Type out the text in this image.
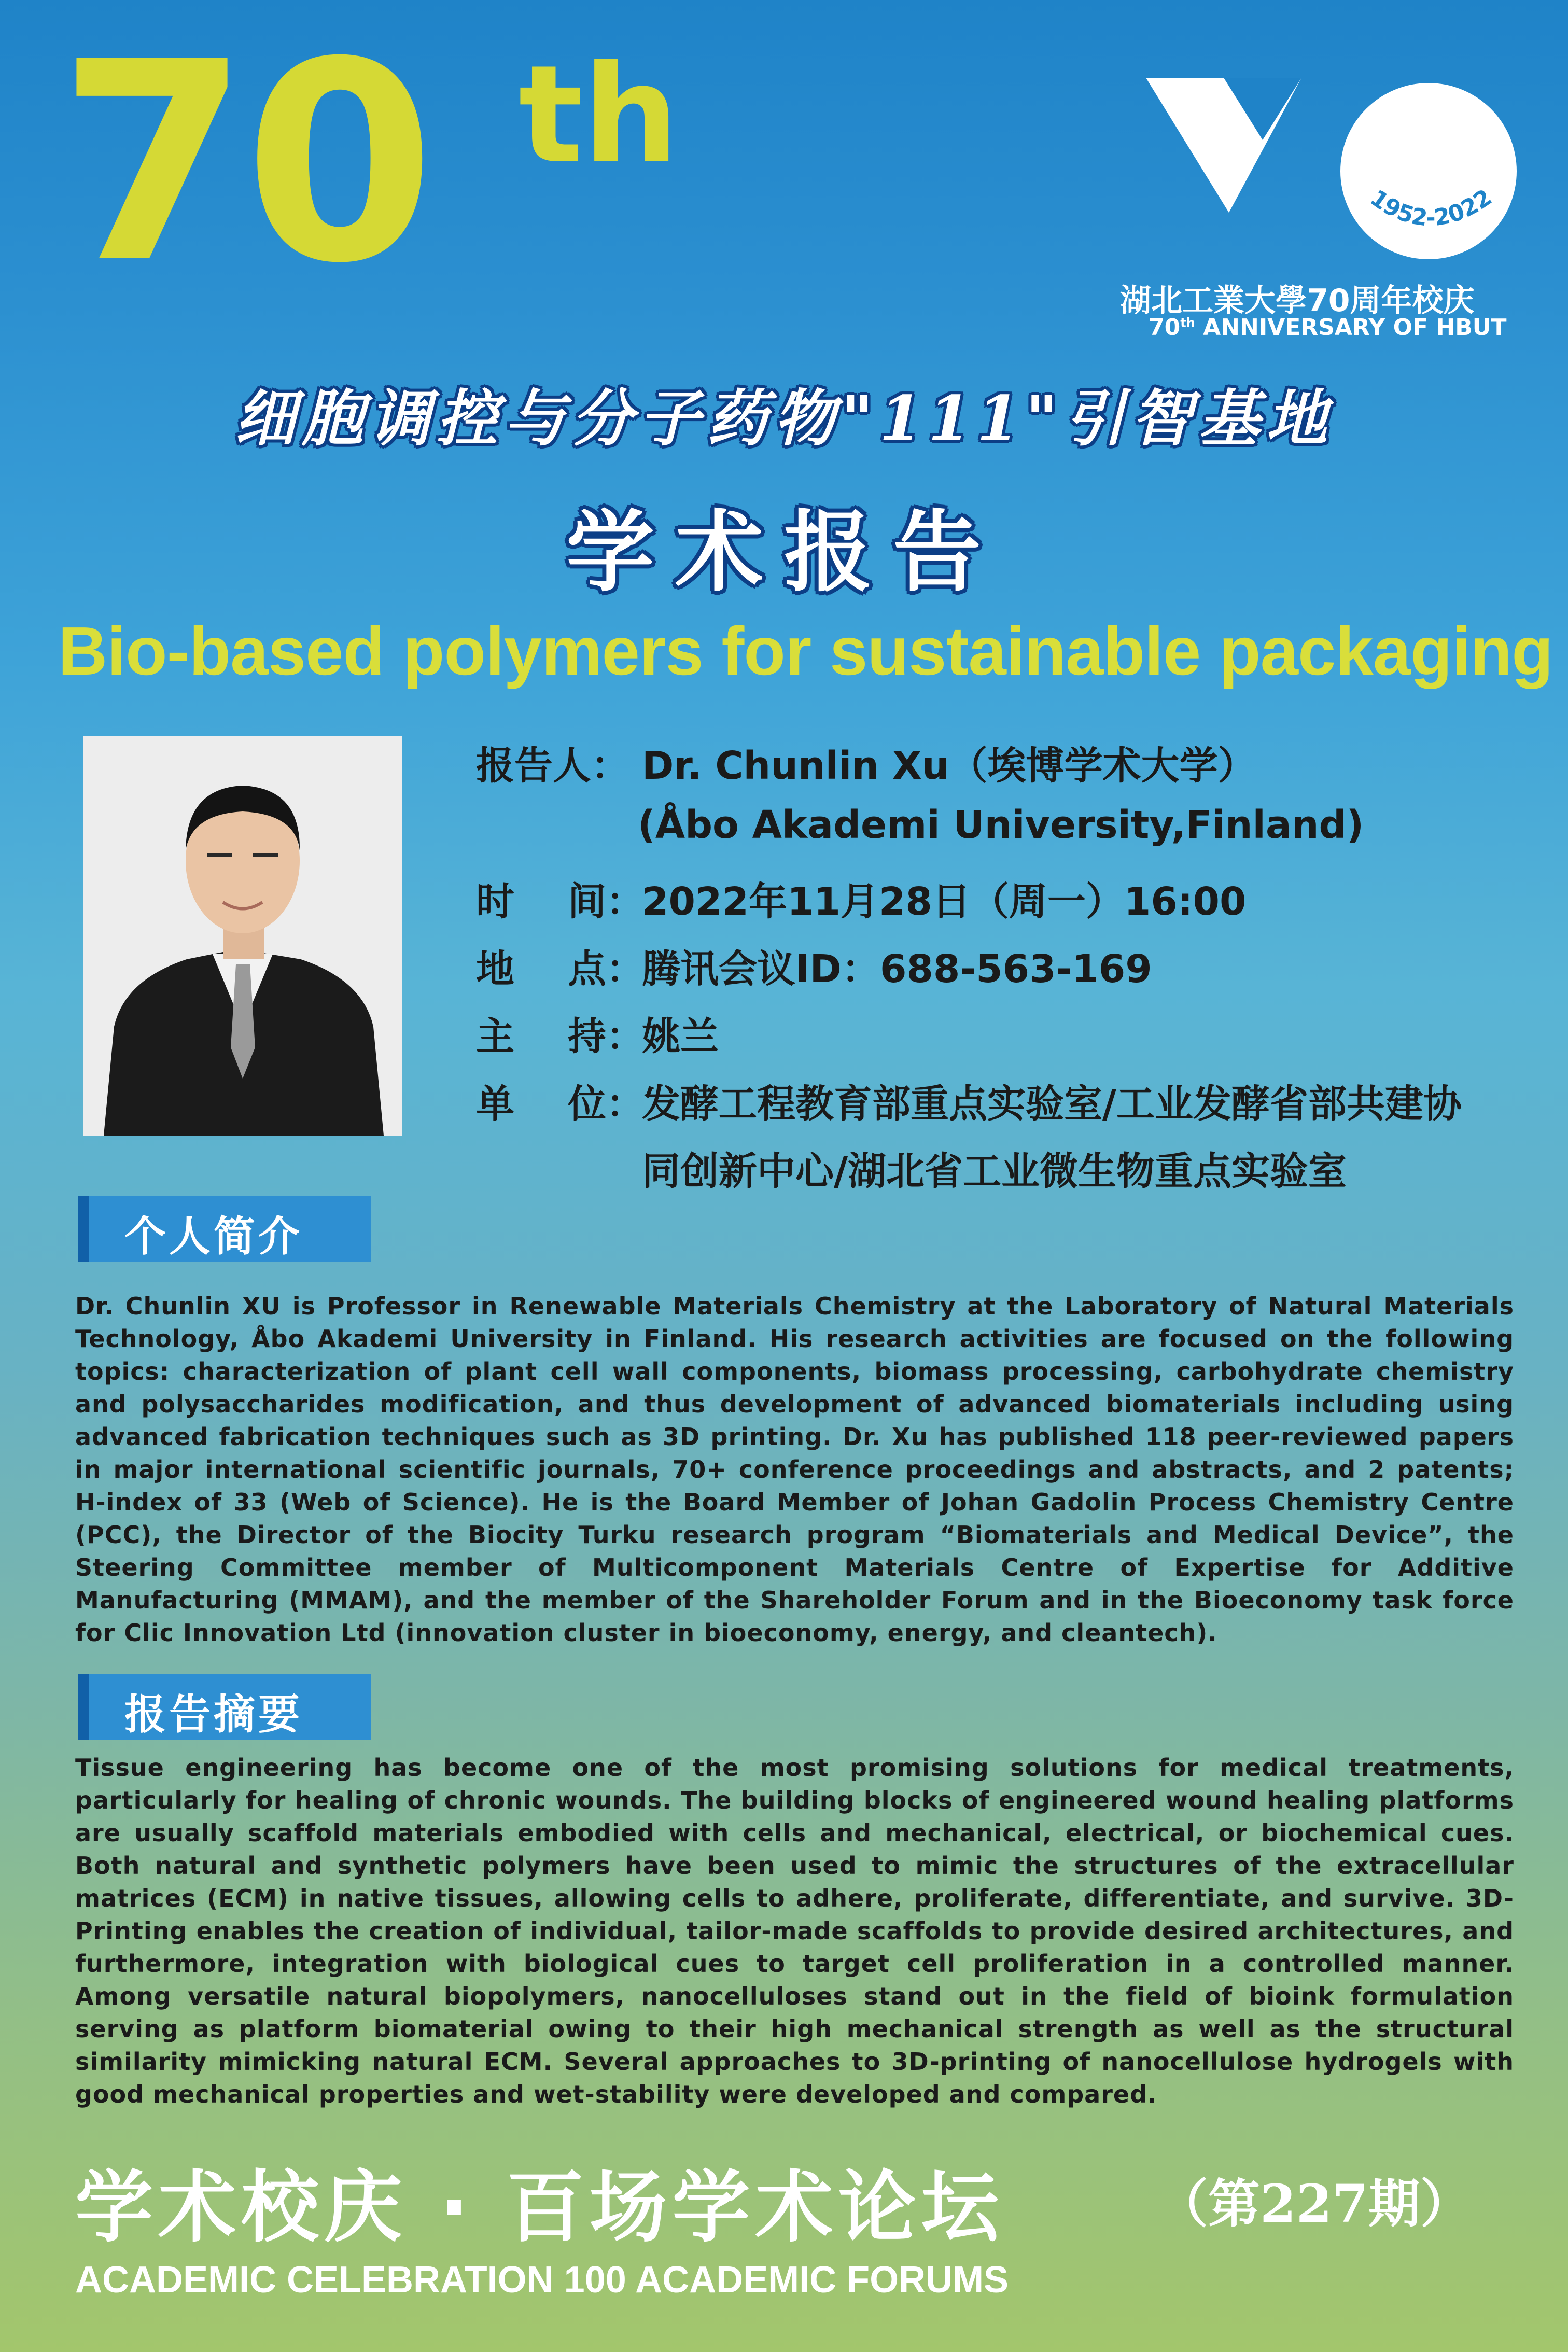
70 th
1952-2022
湖北工業大學70周年校庆
70th ANNIVERSARY OF HBUT
细胞调控与分子药物"111"引智基地
学术报告
Bio-based polymers for sustainable packaging
报告人： Dr. Chunlin Xu（埃博学术大学）
(Åbo Akademi University,Finland)
时    间：2022年11月28日（周一）16:00
地    点：腾讯会议ID：688-563-169
主    持：姚兰
单    位：发酵工程教育部重点实验室/工业发酵省部共建协
同创新中心/湖北省工业微生物重点实验室
个人简介
Dr. Chunlin XU is Professor in Renewable Materials Chemistry at the Laboratory of Natural Materials Technology, Åbo Akademi University in Finland. His research activities are focused on the following topics: characterization of plant cell wall components, biomass processing, carbohydrate chemistry and polysaccharides modification, and thus development of advanced biomaterials including using advanced fabrication techniques such as 3D printing. Dr. Xu has published 118 peer-reviewed papers in major international scientific journals, 70+ conference proceedings and abstracts, and 2 patents; H-index of 33 (Web of Science). He is the Board Member of Johan Gadolin Process Chemistry Centre (PCC), the Director of the Biocity Turku research program “Biomaterials and Medical Device”, the Steering Committee member of Multicomponent Materials Centre of Expertise for Additive Manufacturing (MMAM), and the member of the Shareholder Forum and in the Bioeconomy task force for Clic Innovation Ltd (innovation cluster in bioeconomy, energy, and cleantech).
报告摘要
Tissue engineering has become one of the most promising solutions for medical treatments, particularly for healing of chronic wounds. The building blocks of engineered wound healing platforms are usually scaffold materials embodied with cells and mechanical, electrical, or biochemical cues. Both natural and synthetic polymers have been used to mimic the structures of the extracellular matrices (ECM) in native tissues, allowing cells to adhere, proliferate, differentiate, and survive. 3D-Printing enables the creation of individual, tailor-made scaffolds to provide desired architectures, and furthermore, integration with biological cues to target cell proliferation in a controlled manner. Among versatile natural biopolymers, nanocelluloses stand out in the field of bioink formulation serving as platform biomaterial owing to their high mechanical strength as well as the structural similarity mimicking natural ECM. Several approaches to 3D-printing of nanocellulose hydrogels with good mechanical properties and wet-stability were developed and compared.
学术校庆 · 百场学术论坛	（第227期）
ACADEMIC CELEBRATION 100 ACADEMIC FORUMS
